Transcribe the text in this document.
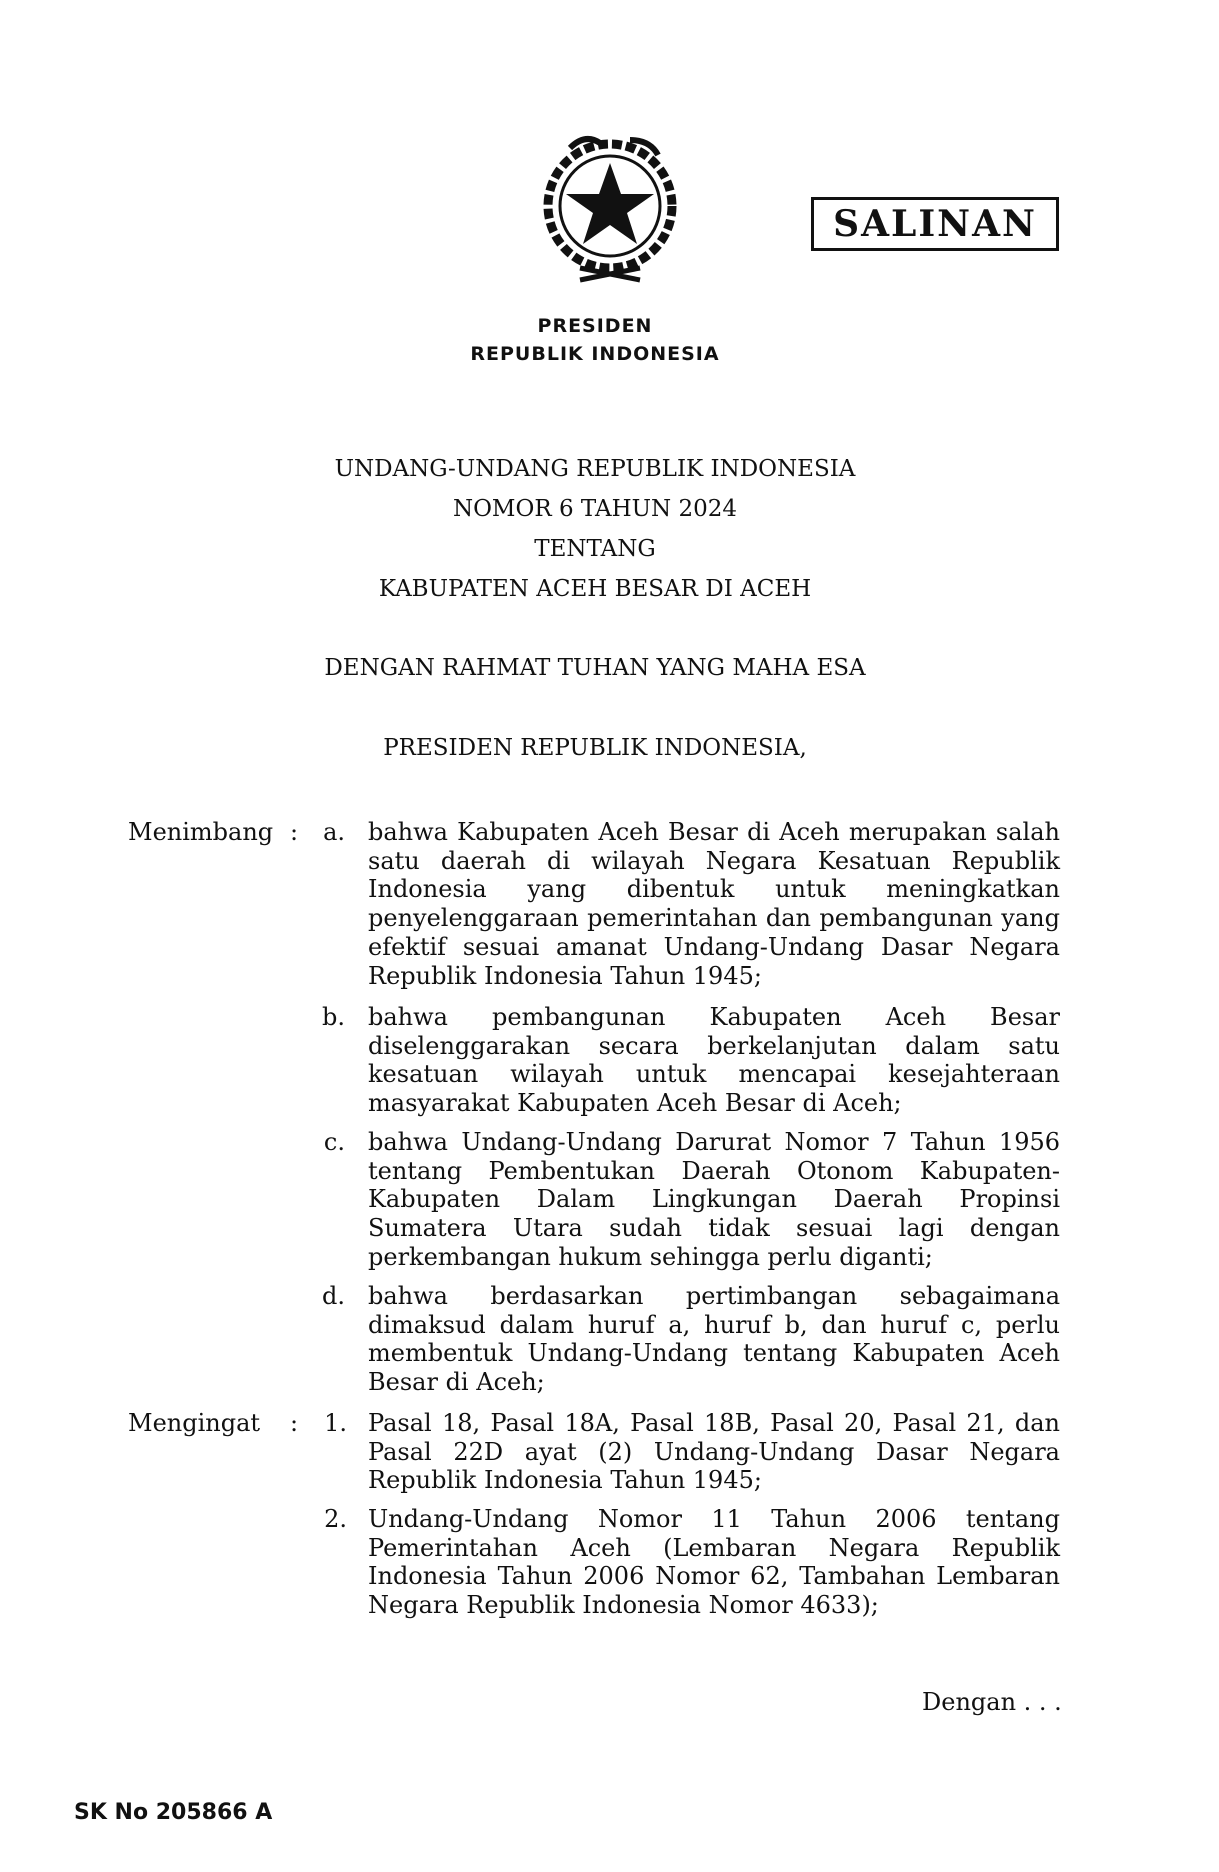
PRESIDEN
REPUBLIK INDONESIA
SALINAN
UNDANG-UNDANG REPUBLIK INDONESIA
NOMOR 6 TAHUN 2024
TENTANG
KABUPATEN ACEH BESAR DI ACEH
DENGAN RAHMAT TUHAN YANG MAHA ESA
PRESIDEN REPUBLIK INDONESIA,
Menimbang :	a. bahwa Kabupaten Aceh Besar di Aceh merupakan salah satu daerah di wilayah Negara Kesatuan Republik Indonesia yang dibentuk untuk meningkatkan penyelenggaraan pemerintahan dan pembangunan yang efektif sesuai amanat Undang-Undang Dasar Negara Republik Indonesia Tahun 1945;
b. bahwa pembangunan Kabupaten Aceh Besar diselenggarakan secara berkelanjutan dalam satu kesatuan wilayah untuk mencapai kesejahteraan masyarakat Kabupaten Aceh Besar di Aceh;
c. bahwa Undang-Undang Darurat Nomor 7 Tahun 1956 tentang Pembentukan Daerah Otonom Kabupaten-Kabupaten Dalam Lingkungan Daerah Propinsi Sumatera Utara sudah tidak sesuai lagi dengan perkembangan hukum sehingga perlu diganti;
d. bahwa berdasarkan pertimbangan sebagaimana dimaksud dalam huruf a, huruf b, dan huruf c, perlu membentuk Undang-Undang tentang Kabupaten Aceh Besar di Aceh;
Mengingat :	1. Pasal 18, Pasal 18A, Pasal 18B, Pasal 20, Pasal 21, dan Pasal 22D ayat (2) Undang-Undang Dasar Negara Republik Indonesia Tahun 1945;
2. Undang-Undang Nomor 11 Tahun 2006 tentang Pemerintahan Aceh (Lembaran Negara Republik Indonesia Tahun 2006 Nomor 62, Tambahan Lembaran Negara Republik Indonesia Nomor 4633);
Dengan . . .
SK No 205866 A
